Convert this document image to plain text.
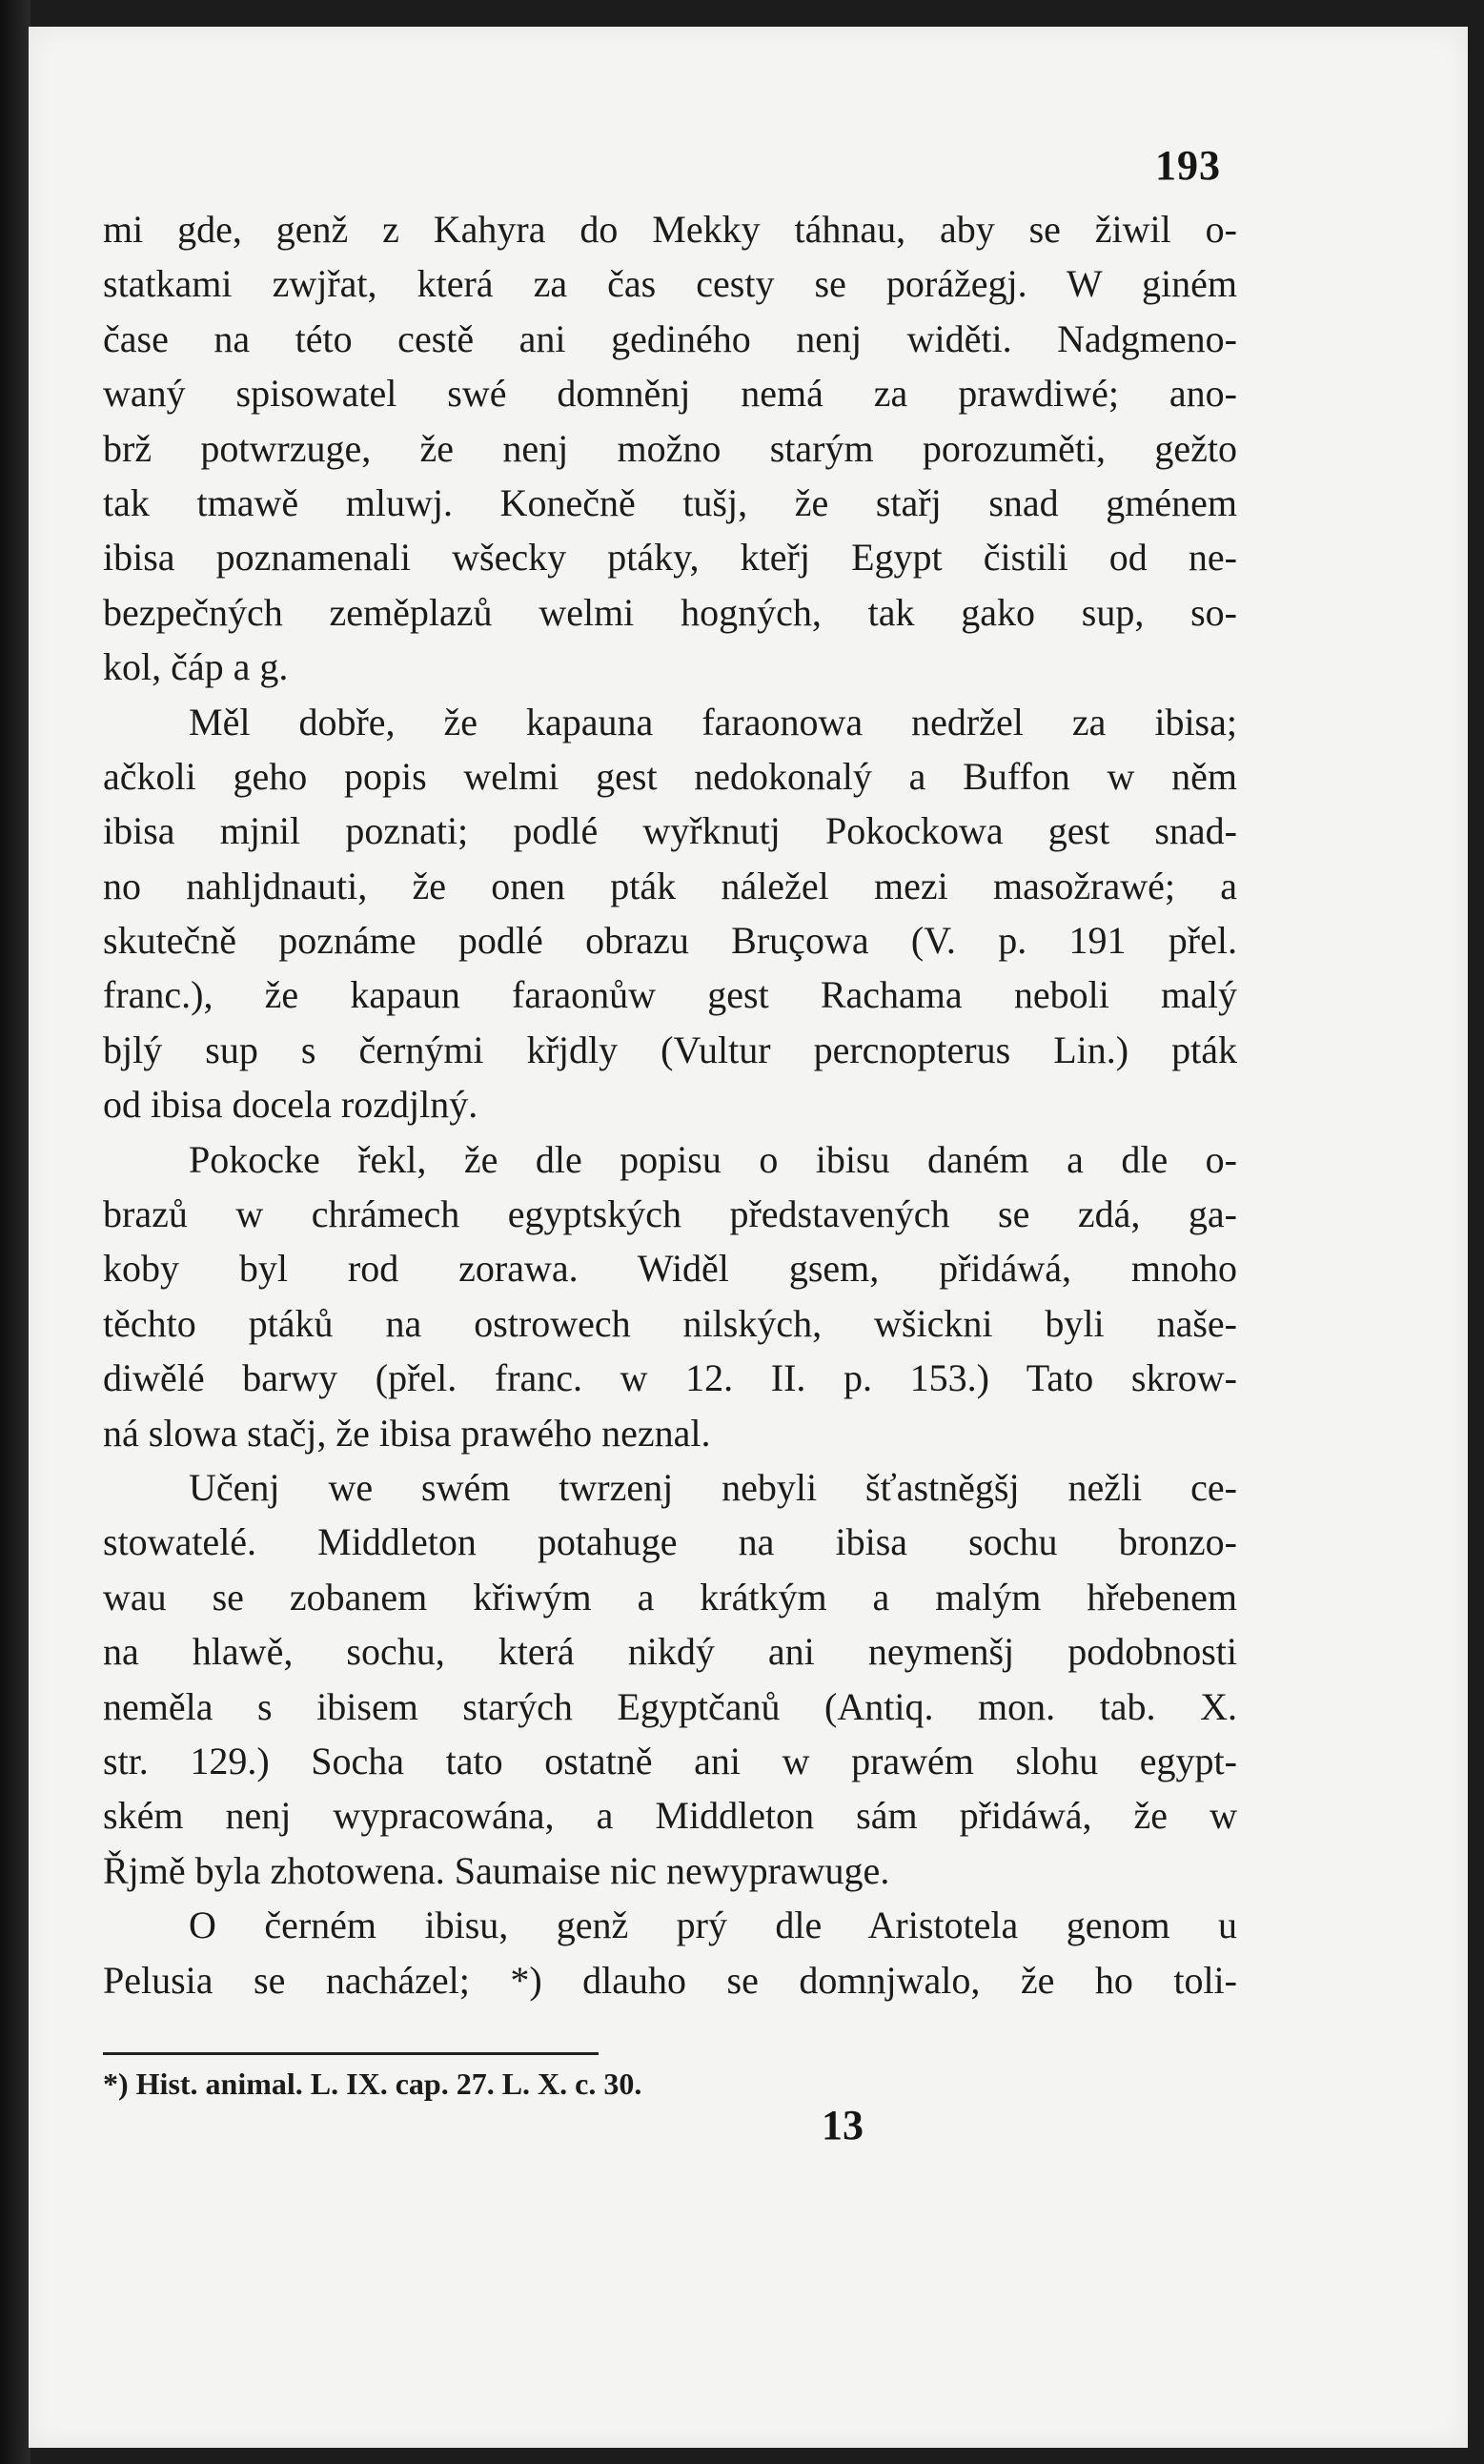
193
mi gde, genž z Kahyra do Mekky táhnau, aby se žiwil o-
statkami zwjřat, která za čas cesty se porážegj. W giném
čase na této cestě ani gediného nenj widěti. Nadgmeno-
waný spisowatel swé domněnj nemá za prawdiwé; ano-
brž potwrzuge, že nenj možno starým porozuměti, gežto
tak tmawě mluwj. Konečně tušj, že stařj snad gménem
ibisa poznamenali wšecky ptáky, kteřj Egypt čistili od ne-
bezpečných zeměplazů welmi hogných, tak gako sup, so-
kol, čáp a g.
Měl dobře, že kapauna faraonowa nedržel za ibisa;
ačkoli geho popis welmi gest nedokonalý a Buffon w něm
ibisa mjnil poznati; podlé wyřknutj Pokockowa gest snad-
no nahljdnauti, že onen pták náležel mezi masožrawé; a
skutečně poznáme podlé obrazu Bruçowa (V. p. 191 přel.
franc.), že kapaun faraonůw gest Rachama neboli malý
bjlý sup s černými křjdly (Vultur percnopterus Lin.) pták
od ibisa docela rozdjlný.
Pokocke řekl, že dle popisu o ibisu daném a dle o-
brazů w chrámech egyptských představených se zdá, ga-
koby byl rod zorawa. Widěl gsem, přidáwá, mnoho
těchto ptáků na ostrowech nilských, wšickni byli naše-
diwělé barwy (přel. franc. w 12. II. p. 153.) Tato skrow-
ná slowa stačj, že ibisa prawého neznal.
Učenj we swém twrzenj nebyli šťastněgšj nežli ce-
stowatelé. Middleton potahuge na ibisa sochu bronzo-
wau se zobanem křiwým a krátkým a malým hřebenem
na hlawě, sochu, která nikdý ani neymenšj podobnosti
neměla s ibisem starých Egyptčanů (Antiq. mon. tab. X.
str. 129.) Socha tato ostatně ani w prawém slohu egypt-
ském nenj wypracowána, a Middleton sám přidáwá, že w
Řjmě byla zhotowena. Saumaise nic newyprawuge.
O černém ibisu, genž prý dle Aristotela genom u
Pelusia se nacházel; *) dlauho se domnjwalo, že ho toli-
*) Hist. animal. L. IX. cap. 27. L. X. c. 30.
13
